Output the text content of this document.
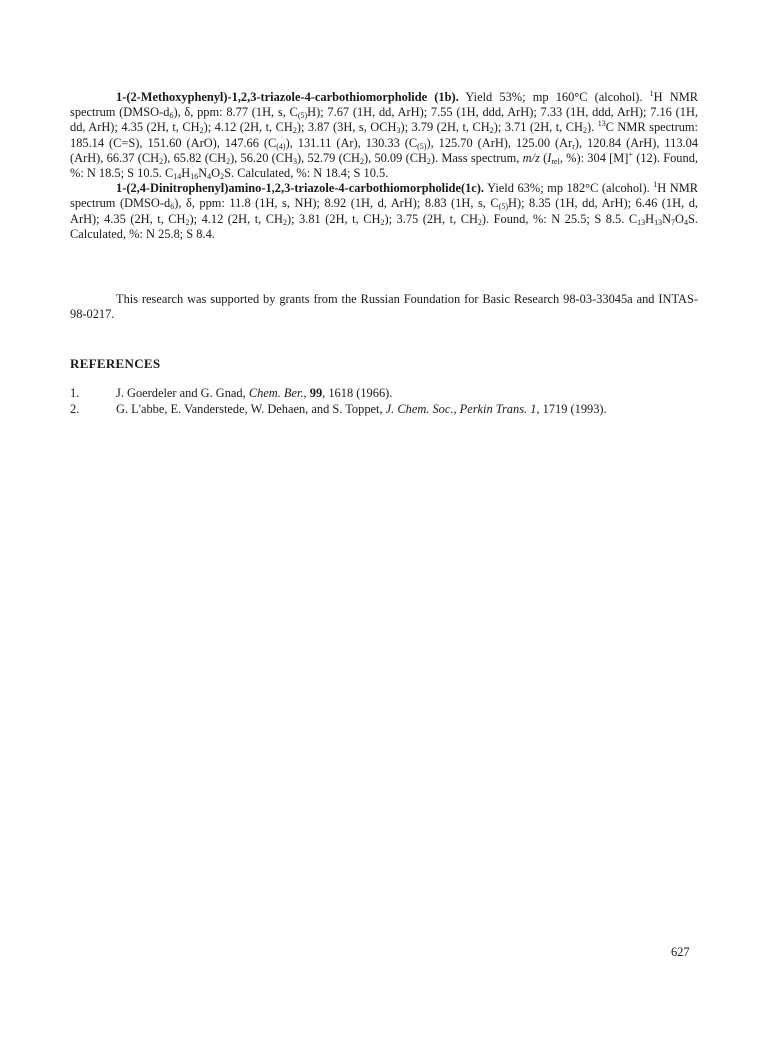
1-(2-Methoxyphenyl)-1,2,3-triazole-4-carbothiomorpholide (1b). Yield 53%; mp 160°C (alcohol). $^1$H NMR spectrum $(DMSO-d_6)$, δ, ppm: 8.77 (1H, s, $C_{(5)}H$); 7.67 (1H, dd, ArH); 7.55 (1H, ddd, ArH); 7.33 (1H, ddd, ArH); 7.16 (1H, dd, ArH); 4.35 (2H, t, $CH_2$); 4.12 (2H, t, $CH_2$); 3.87 (3H, s, $OCH_3$); 3.79 (2H, t, $CH_2$); 3.71 (2H, t, $CH_2$). $^{13}$C NMR spectrum: 185.14 (C=S), 151.60 (ArO), 147.66 $(C_{(4)})$, 131.11 (Ar), 130.33 $(C_{(5)})$, 125.70 (ArH), 125.00 $(Ar_r)$, 120.84 (ArH), 113.04 (ArH), 66.37 $(CH_2)$, 65.82 $(CH_2)$, 56.20 $(CH_3)$, 52.79 $(CH_2)$, 50.09 $(CH_2)$. Mass spectrum, m/z ($I_{rel}$, %): 304 [M]+ (12). Found, %: N 18.5; S 10.5. $C_{14}H_{16}N_4O_2S$. Calculated, %: N 18.4; S 10.5.

1-(2,4-Dinitrophenyl)amino-1,2,3-triazole-4-carbothiomorpholide(1c). Yield 63%; mp 182°C (alcohol). $^1$H NMR spectrum $(DMSO-d_6)$, δ, ppm: 11.8 (1H, s, NH); 8.92 (1H, d, ArH); 8.83 (1H, s, $C_{(5)}H$); 8.35 (1H, dd, ArH); 6.46 (1H, d, ArH); 4.35 (2H, t, $CH_2$); 4.12 (2H, t, $CH_2$); 3.81 (2H, t, $CH_2$); 3.75 (2H, t, $CH_2$). Found, %: N 25.5; S 8.5. $C_{13}H_{13}N_7O_4S$. Calculated, %: N 25.8; S 8.4.

This research was supported by grants from the Russian Foundation for Basic Research 98-03-33045a and INTAS-98-0217.

REFERENCES
1.	J. Goerdeler and G. Gnad, Chem. Ber., 99, 1618 (1966).
2.	G. L'abbe, E. Vanderstede, W. Dehaen, and S. Toppet, J. Chem. Soc., Perkin Trans. 1, 1719 (1993).
627
